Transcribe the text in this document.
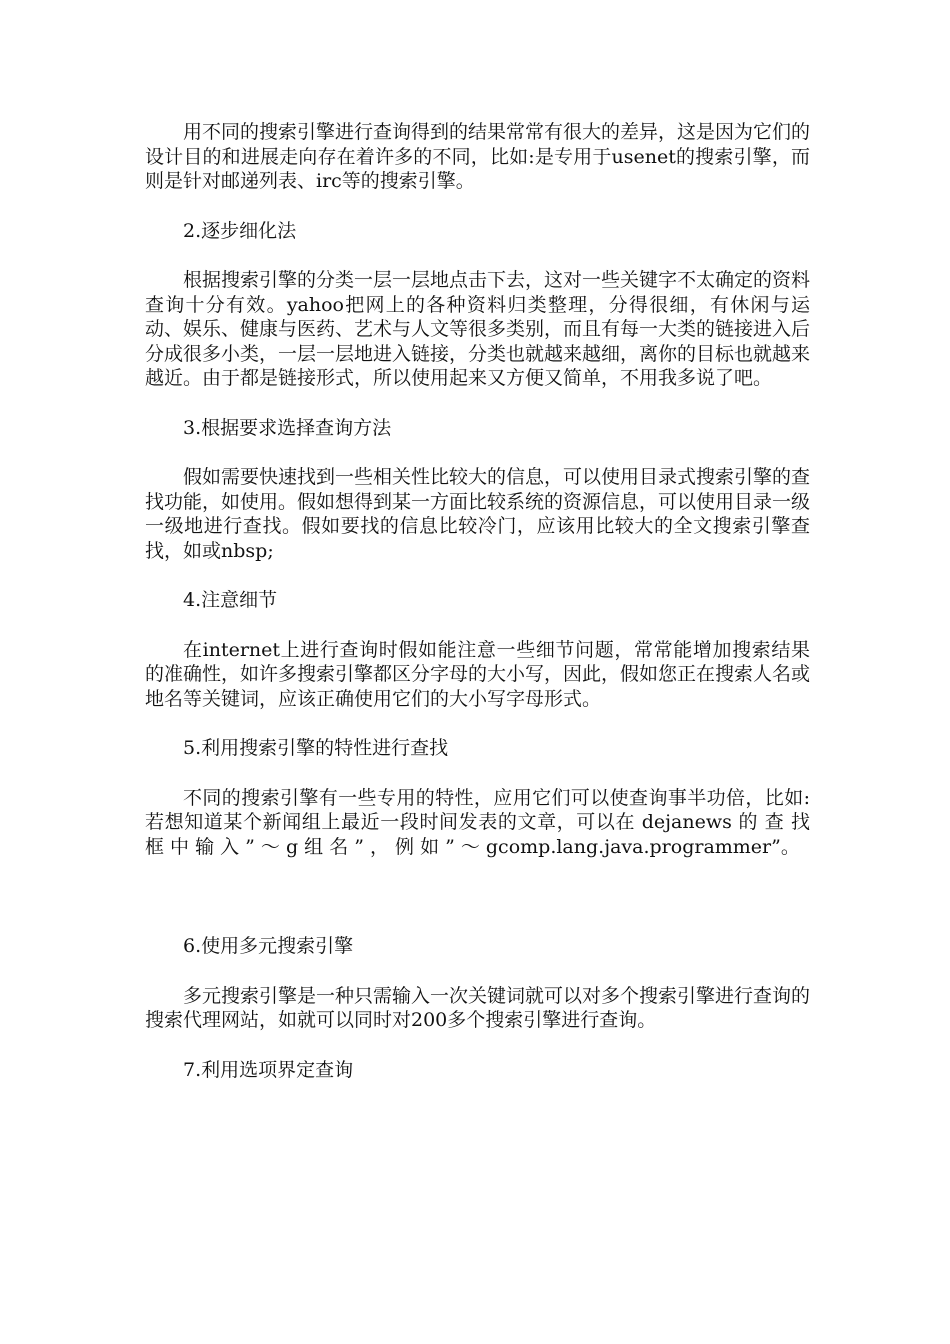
用不同的搜索引擎进行查询得到的结果常常有很大的差异，这是因为它们的设计目的和进展走向存在着许多的不同，比如:是专用于usenet的搜索引擎，而则是针对邮递列表、irc等的搜索引擎。

2.逐步细化法

根据搜索引擎的分类一层一层地点击下去，这对一些关键字不太确定的资料查询十分有效。yahoo把网上的各种资料归类整理，分得很细，有休闲与运动、娱乐、健康与医药、艺术与人文等很多类别，而且有每一大类的链接进入后分成很多小类，一层一层地进入链接，分类也就越来越细，离你的目标也就越来越近。由于都是链接形式，所以使用起来又方便又简单，不用我多说了吧。

3.根据要求选择查询方法

假如需要快速找到一些相关性比较大的信息，可以使用目录式搜索引擎的查找功能，如使用。假如想得到某一方面比较系统的资源信息，可以使用目录一级一级地进行查找。假如要找的信息比较冷门，应该用比较大的全文搜索引擎查找，如或nbsp;

4.注意细节

在internet上进行查询时假如能注意一些细节问题，常常能增加搜索结果的准确性，如许多搜索引擎都区分字母的大小写，因此，假如您正在搜索人名或地名等关键词，应该正确使用它们的大小写字母形式。

5.利用搜索引擎的特性进行查找

不同的搜索引擎有一些专用的特性，应用它们可以使查询事半功倍，比如:若想知道某个新闻组上最近一段时间发表的文章，可以在 dejanews 的 查 找 框 中 输 入 ” ～ g 组 名 ” ， 例 如 ” ～ gcomp.lang.java.programmer”。

6.使用多元搜索引擎

多元搜索引擎是一种只需输入一次关键词就可以对多个搜索引擎进行查询的搜索代理网站，如就可以同时对200多个搜索引擎进行查询。

7.利用选项界定查询
